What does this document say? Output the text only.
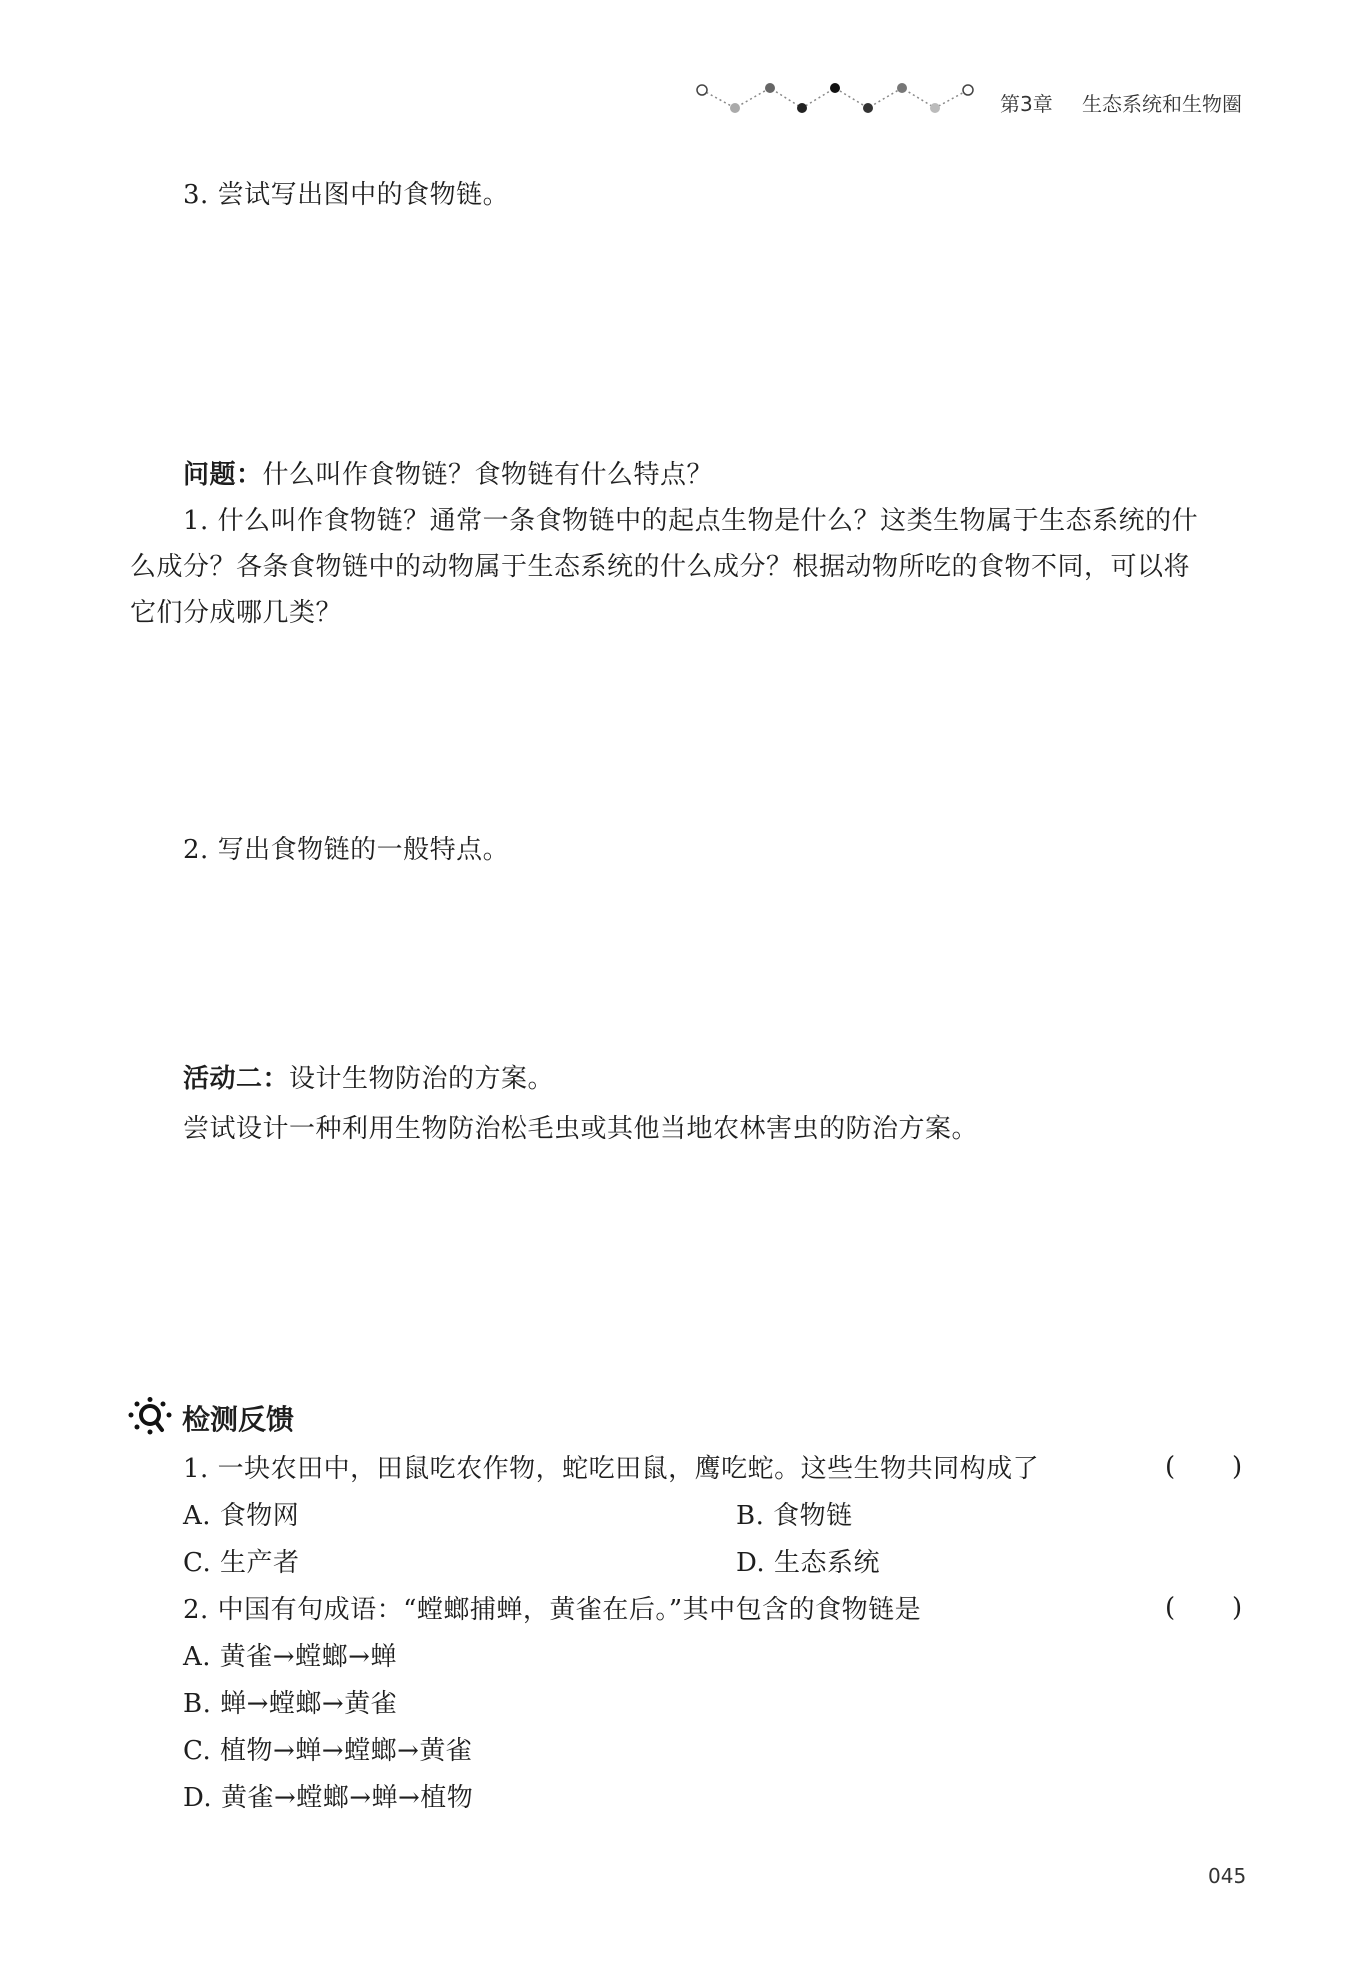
第3章 生态系统和生物圈
3. 尝试写出图中的食物链。
问题：什么叫作食物链？食物链有什么特点？
1. 什么叫作食物链？通常一条食物链中的起点生物是什么？这类生物属于生态系统的什
么成分？各条食物链中的动物属于生态系统的什么成分？根据动物所吃的食物不同，可以将
它们分成哪几类？
2. 写出食物链的一般特点。
活动二：设计生物防治的方案。
尝试设计一种利用生物防治松毛虫或其他当地农林害虫的防治方案。
检测反馈
1. 一块农田中，田鼠吃农作物，蛇吃田鼠，鹰吃蛇。这些生物共同构成了	( )
A. 食物网	B. 食物链
C. 生产者	D. 生态系统
2. 中国有句成语：“螳螂捕蝉，黄雀在后。”其中包含的食物链是	( )
A. 黄雀→螳螂→蝉
B. 蝉→螳螂→黄雀
C. 植物→蝉→螳螂→黄雀
D. 黄雀→螳螂→蝉→植物
045
